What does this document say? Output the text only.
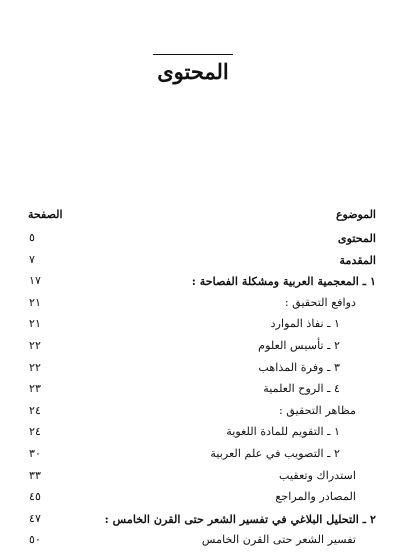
المحتوى
الموضوع
الصفحة
المحتوى
٥
المقدمة
٧
١ ـ المعجمية العربية ومشكلة الفصاحة :
١٧
دوافع التحقيق :
٢١
١ ـ نفاذ الموارد
٢١
٢ ـ تأسيس العلوم
٢٢
٣ ـ وفرة المذاهب
٢٢
٤ ـ الروح العلمية
٢٣
مظاهر التحقيق :
٢٤
١ ـ التقويم للمادة اللغوية
٢٤
٢ ـ التصويب في علم العربية
٣٠
استدراك وتعقيب
٣٣
المصادر والمراجع
٤٥
٢ ـ التحليل البلاغي في تفسير الشعر حتى القرن الخامس :
٤٧
تفسير الشعر حتى القرن الخامس
٥٠
